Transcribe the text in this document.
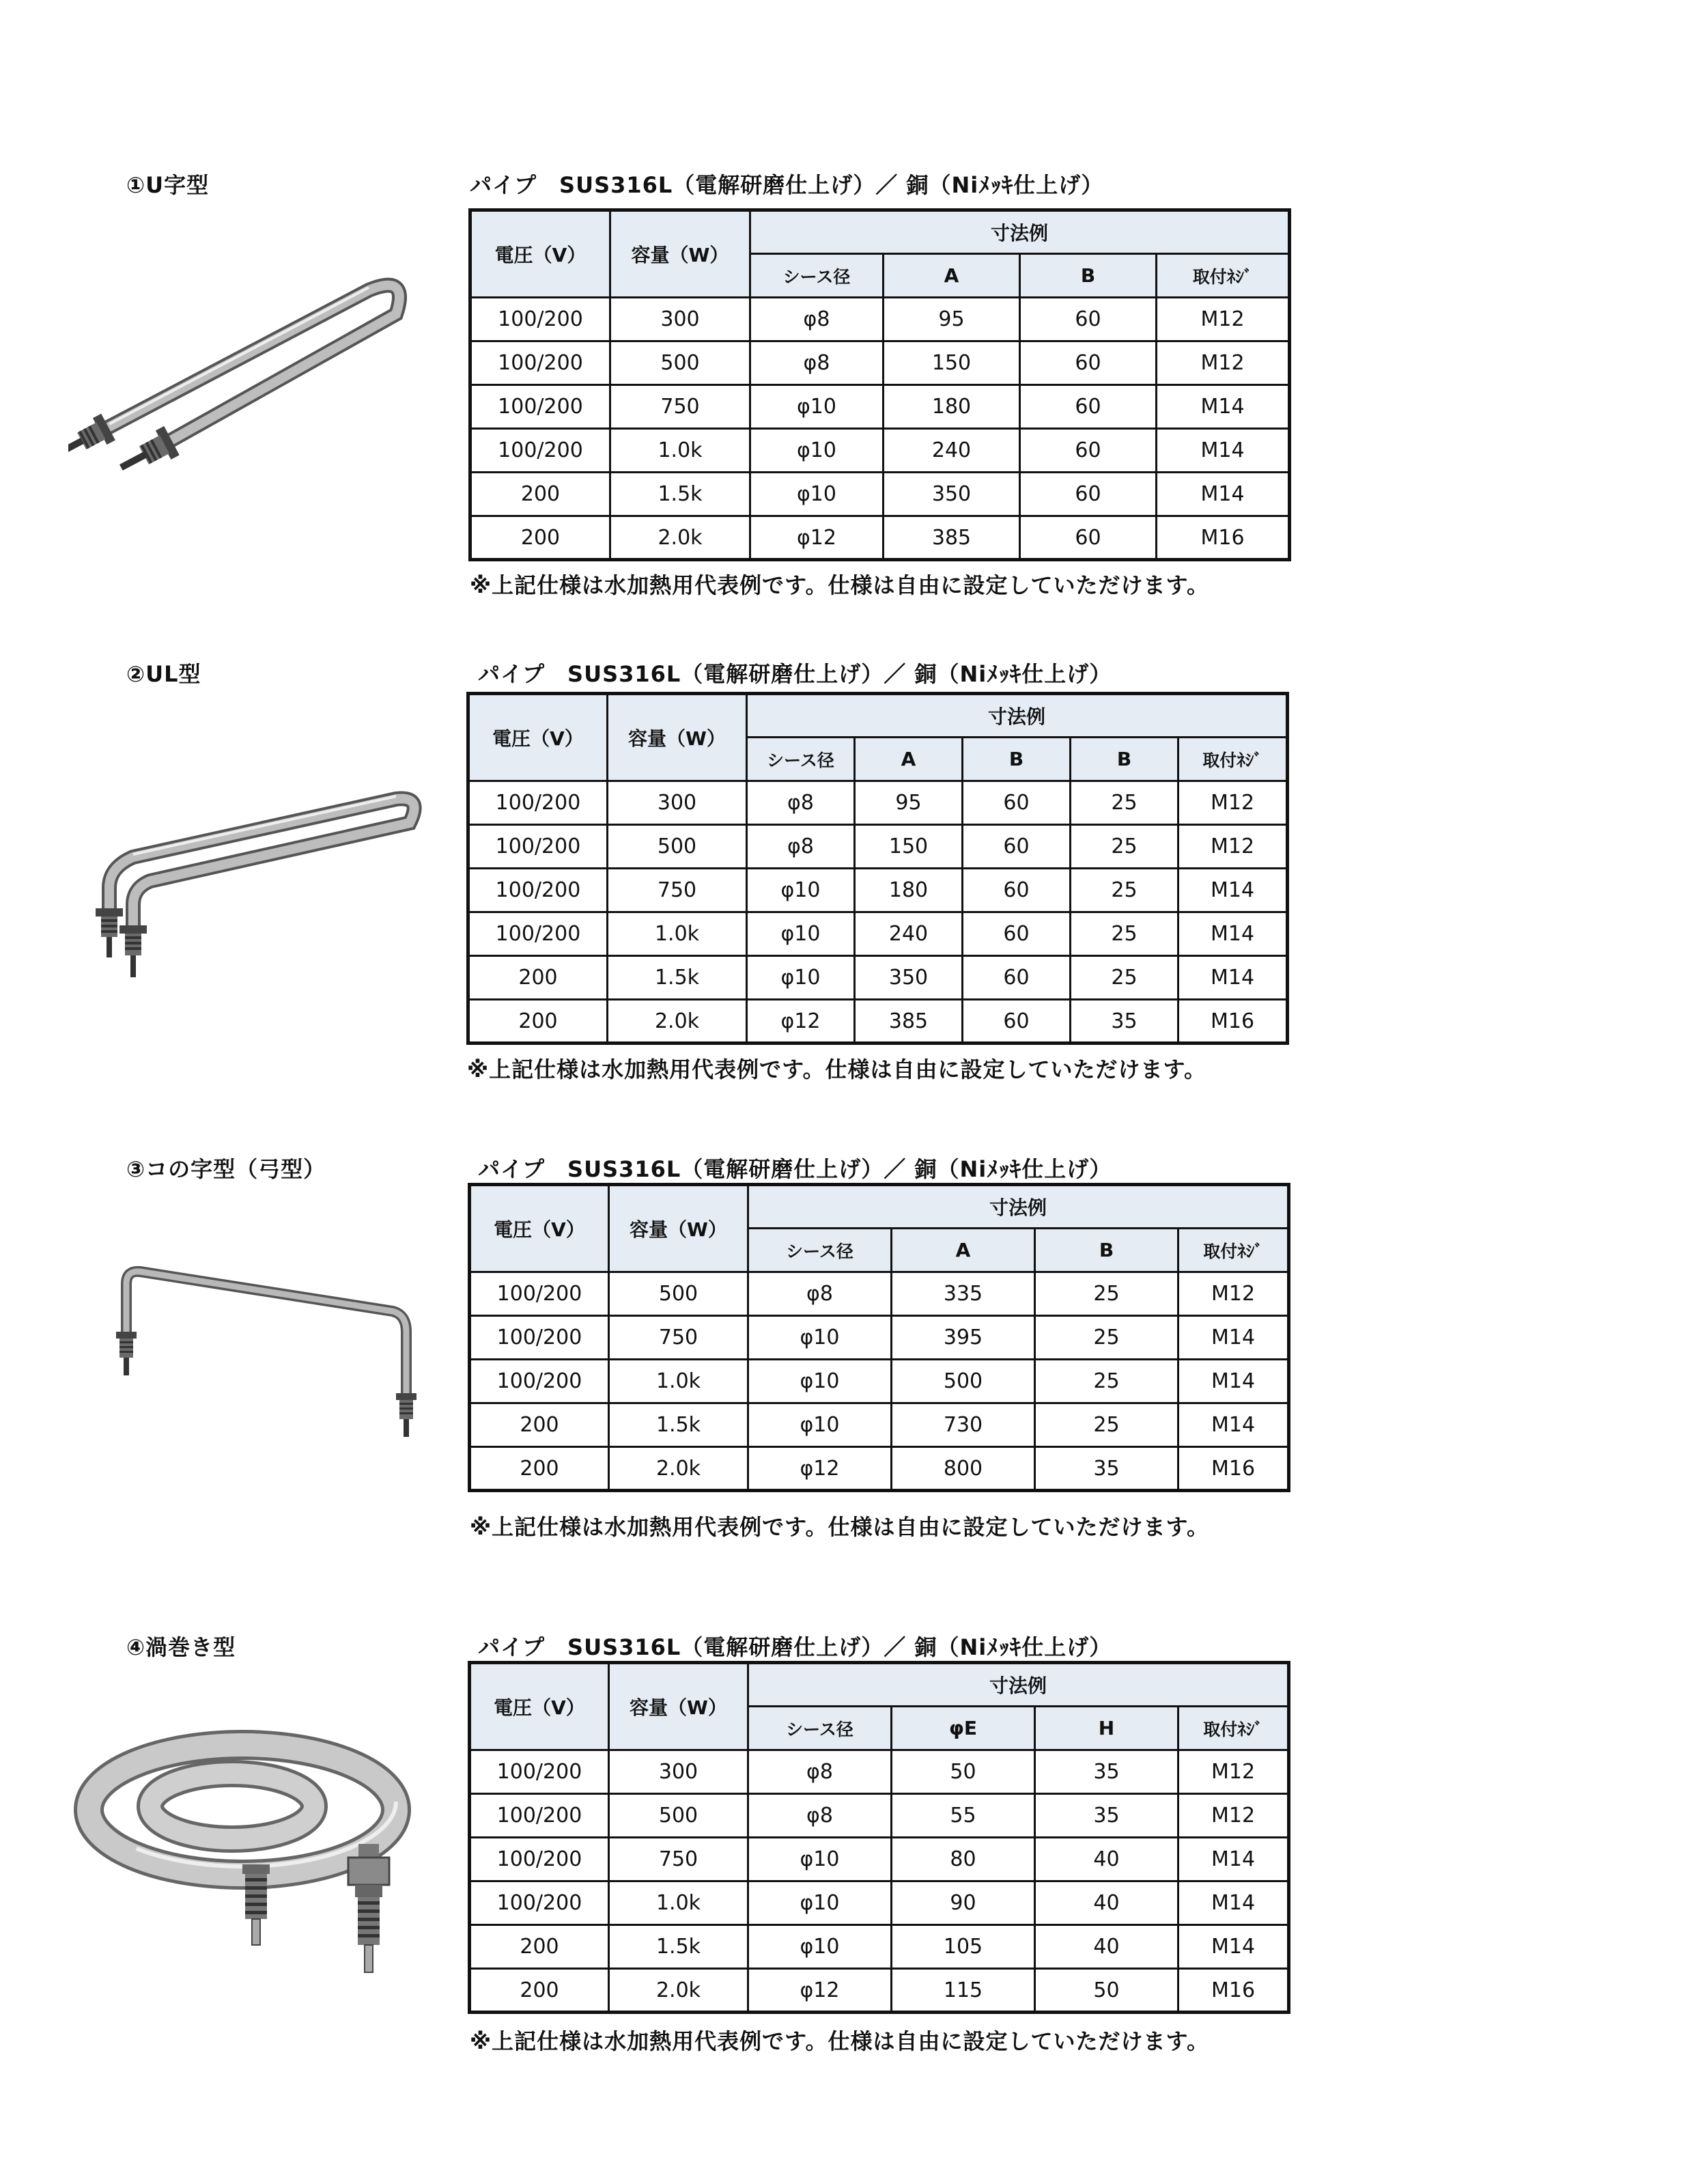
①U字型	パイプ　SUS316L（電解研磨仕上げ）／ 銅（Niﾒｯｷ仕上げ）
電圧（V）	容量（W）	寸法例			
		シース径	A	B	取付ﾈｼﾞ
100/200	300	φ8	95	60	M12
100/200	500	φ8	150	60	M12
100/200	750	φ10	180	60	M14
100/200	1.0k	φ10	240	60	M14
200	1.5k	φ10	350	60	M14
200	2.0k	φ12	385	60	M16
※上記仕様は水加熱用代表例です。仕様は自由に設定していただけます。
②UL型	パイプ　SUS316L（電解研磨仕上げ）／ 銅（Niﾒｯｷ仕上げ）
電圧（V）	容量（W）	寸法例				
		シース径	A	B	B	取付ﾈｼﾞ
100/200	300	φ8	95	60	25	M12
100/200	500	φ8	150	60	25	M12
100/200	750	φ10	180	60	25	M14
100/200	1.0k	φ10	240	60	25	M14
200	1.5k	φ10	350	60	25	M14
200	2.0k	φ12	385	60	35	M16
※上記仕様は水加熱用代表例です。仕様は自由に設定していただけます。
③コの字型（弓型）	パイプ　SUS316L（電解研磨仕上げ）／ 銅（Niﾒｯｷ仕上げ）
電圧（V）	容量（W）	寸法例			
		シース径	A	B	取付ﾈｼﾞ
100/200	500	φ8	335	25	M12
100/200	750	φ10	395	25	M14
100/200	1.0k	φ10	500	25	M14
200	1.5k	φ10	730	25	M14
200	2.0k	φ12	800	35	M16
※上記仕様は水加熱用代表例です。仕様は自由に設定していただけます。
④渦巻き型	パイプ　SUS316L（電解研磨仕上げ）／ 銅（Niﾒｯｷ仕上げ）
電圧（V）	容量（W）	寸法例			
		シース径	φE	H	取付ﾈｼﾞ
100/200	300	φ8	50	35	M12
100/200	500	φ8	55	35	M12
100/200	750	φ10	80	40	M14
100/200	1.0k	φ10	90	40	M14
200	1.5k	φ10	105	40	M14
200	2.0k	φ12	115	50	M16
※上記仕様は水加熱用代表例です。仕様は自由に設定していただけます。
